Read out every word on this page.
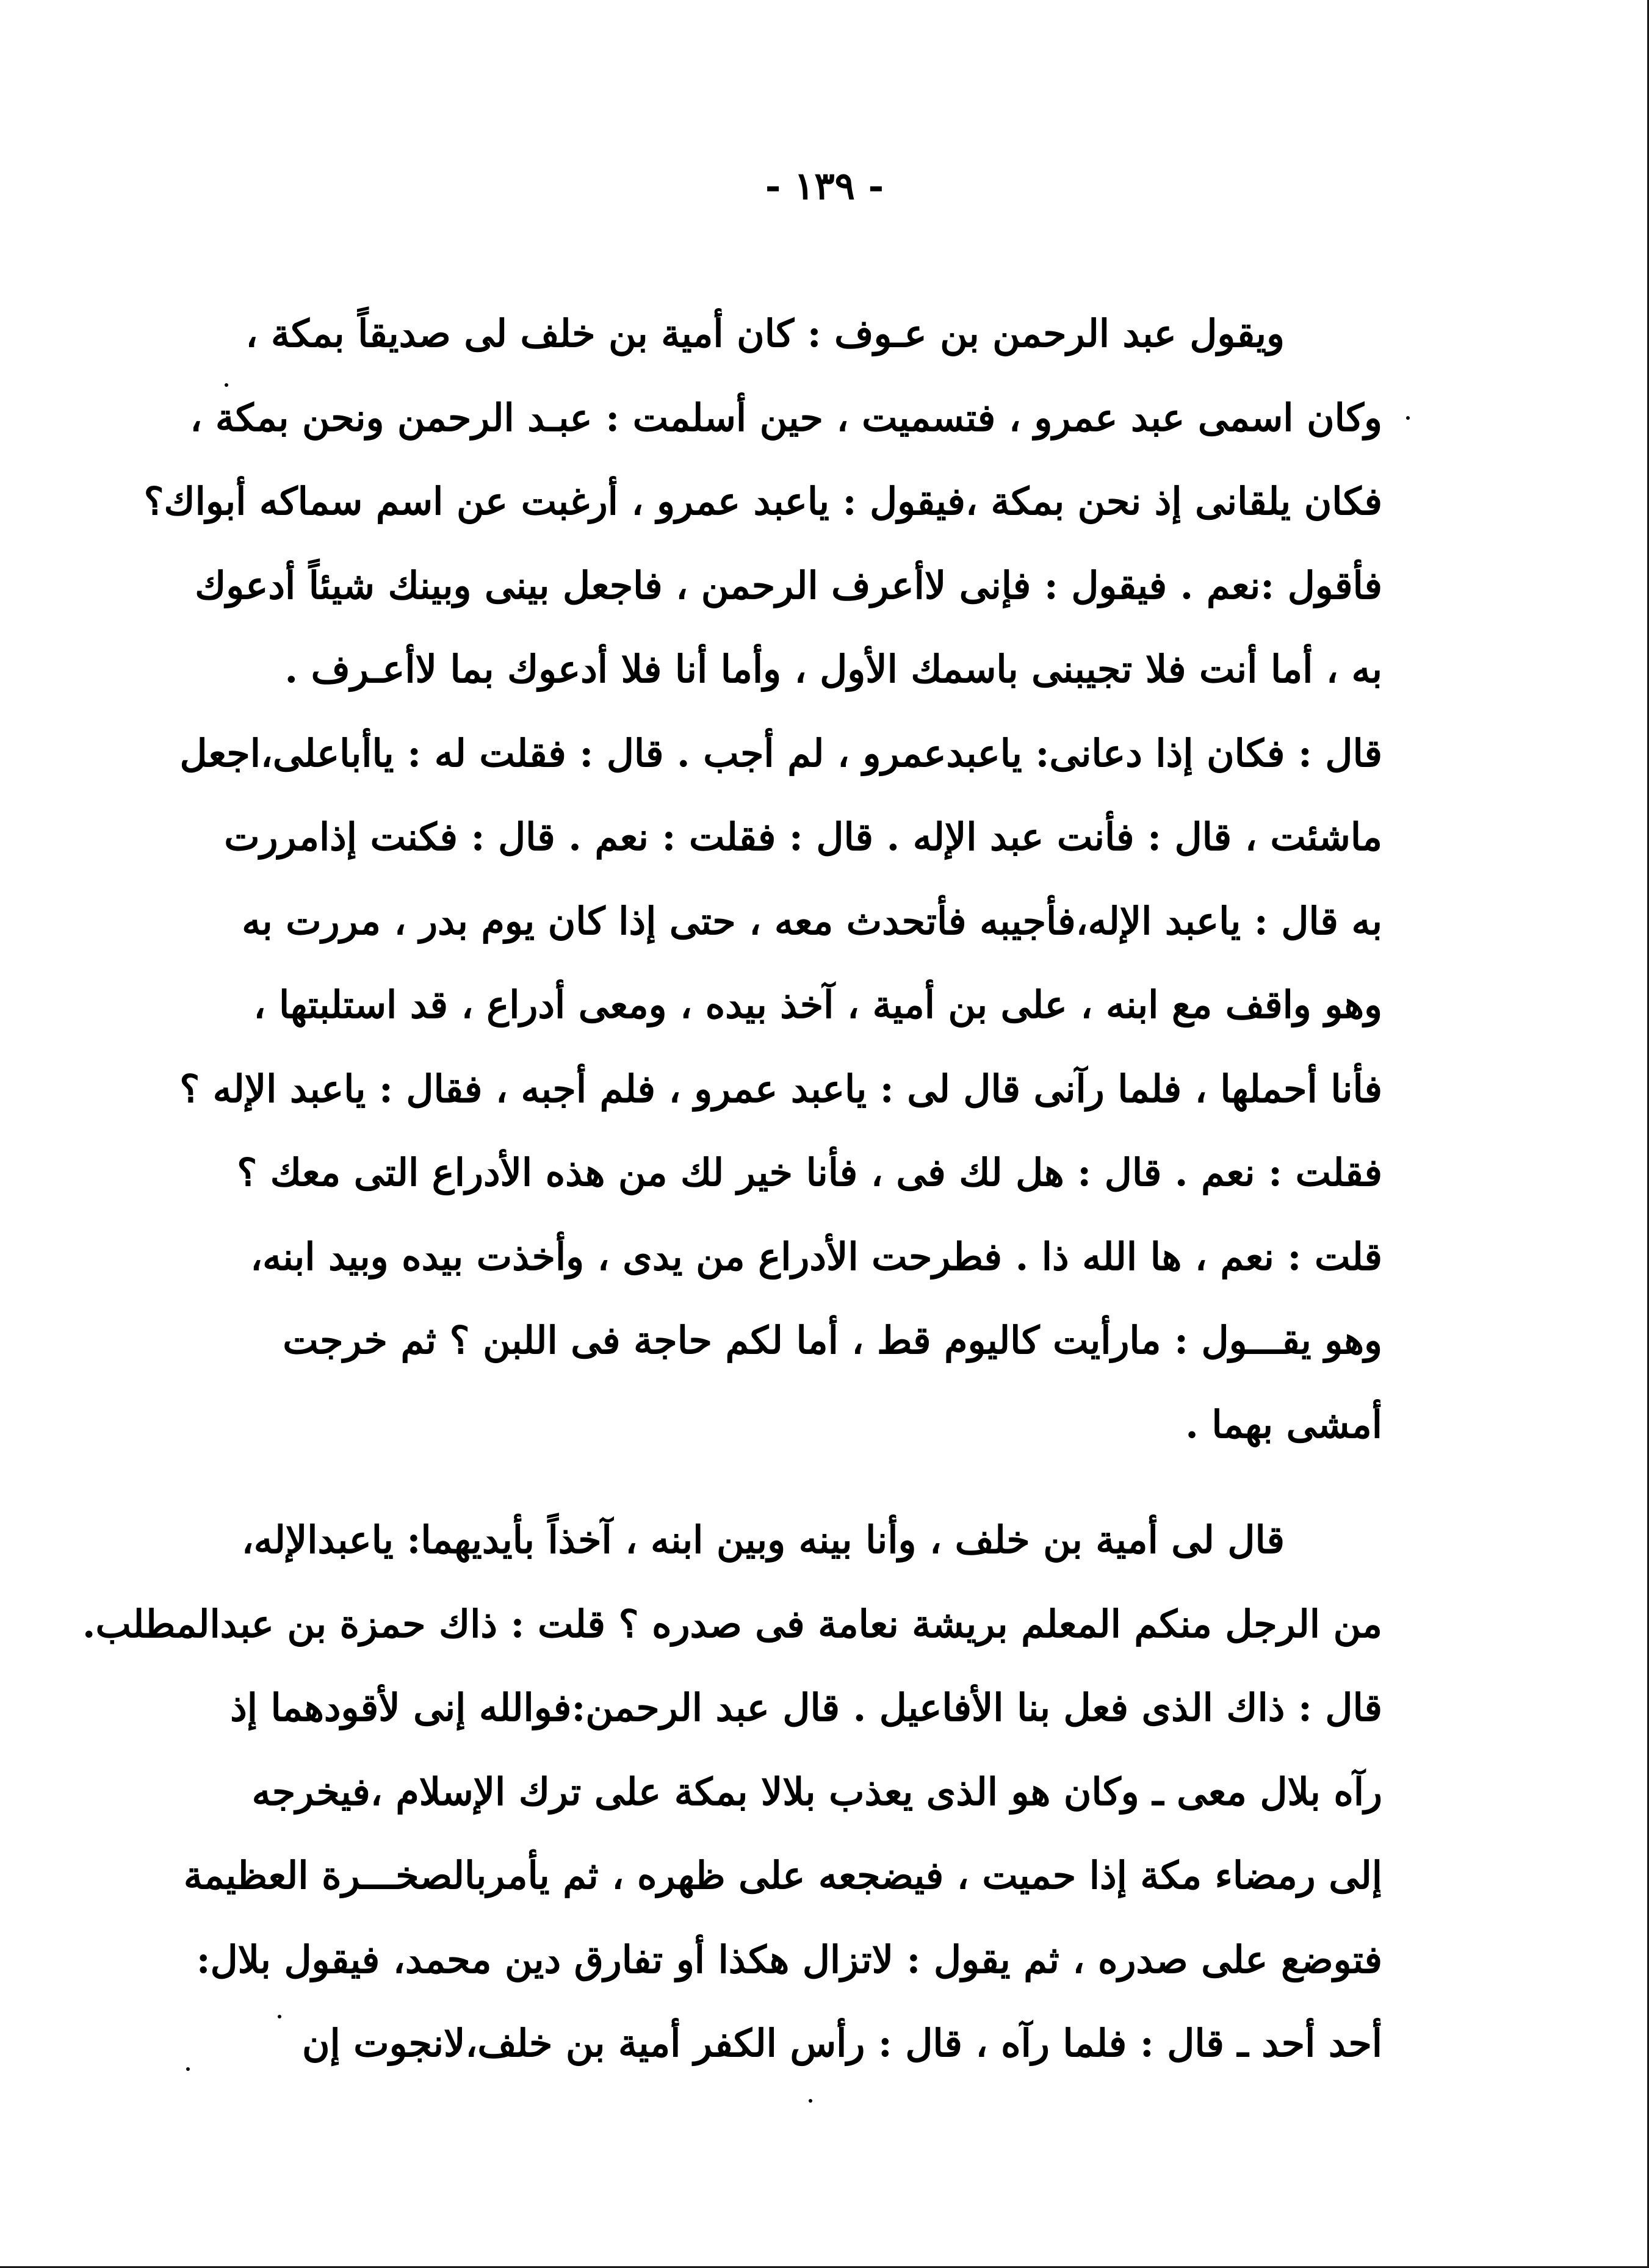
- ١٣٩ -
ويقول عبد الرحمن بن عـوف : كان أمية بن خلف لى صديقاً بمكة ،
وكان اسمى عبد عمرو ، فتسميت ، حين أسلمت : عبـد الرحمن ونحن بمكة ،
فكان يلقانى إذ نحن بمكة ،فيقول : ياعبد عمرو ، أرغبت عن اسم سماكه أبواك؟
فأقول :نعم . فيقول : فإنى لاأعرف الرحمن ، فاجعل بينى وبينك شيئاً أدعوك
به ، أما أنت فلا تجيبنى باسمك الأول ، وأما أنا فلا أدعوك بما لاأعـرف .
قال : فكان إذا دعانى: ياعبدعمرو ، لم أجب . قال : فقلت له : ياأباعلى،اجعل
ماشئت ، قال : فأنت عبد الإله . قال : فقلت : نعم . قال : فكنت إذامررت
به قال : ياعبد الإله،فأجيبه فأتحدث معه ، حتى إذا كان يوم بدر ، مررت به
وهو واقف مع ابنه ، على بن أمية ، آخذ بيده ، ومعى أدراع ، قد استلبتها ،
فأنا أحملها ، فلما رآنى قال لى : ياعبد عمرو ، فلم أجبه ، فقال : ياعبد الإله ؟
فقلت : نعم . قال : هل لك فى ، فأنا خير لك من هذه الأدراع التى معك ؟
قلت : نعم ، ها الله ذا . فطرحت الأدراع من يدى ، وأخذت بيده وبيد ابنه،
وهو يقـــول : مارأيت كاليوم قط ، أما لكم حاجة فى اللبن ؟ ثم خرجت
أمشى بهما .
قال لى أمية بن خلف ، وأنا بينه وبين ابنه ، آخذاً بأيديهما: ياعبدالإله،
من الرجل منكم المعلم بريشة نعامة فى صدره ؟ قلت : ذاك حمزة بن عبدالمطلب.
قال : ذاك الذى فعل بنا الأفاعيل . قال عبد الرحمن:فوالله إنى لأقودهما إذ
رآه بلال معى ـ وكان هو الذى يعذب بلالا بمكة على ترك الإسلام ،فيخرجه
إلى رمضاء مكة إذا حميت ، فيضجعه على ظهره ، ثم يأمربالصخـــرة العظيمة
فتوضع على صدره ، ثم يقول : لاتزال هكذا أو تفارق دين محمد، فيقول بلال:
أحد أحد ـ قال : فلما رآه ، قال : رأس الكفر أمية بن خلف،لانجوت إن
